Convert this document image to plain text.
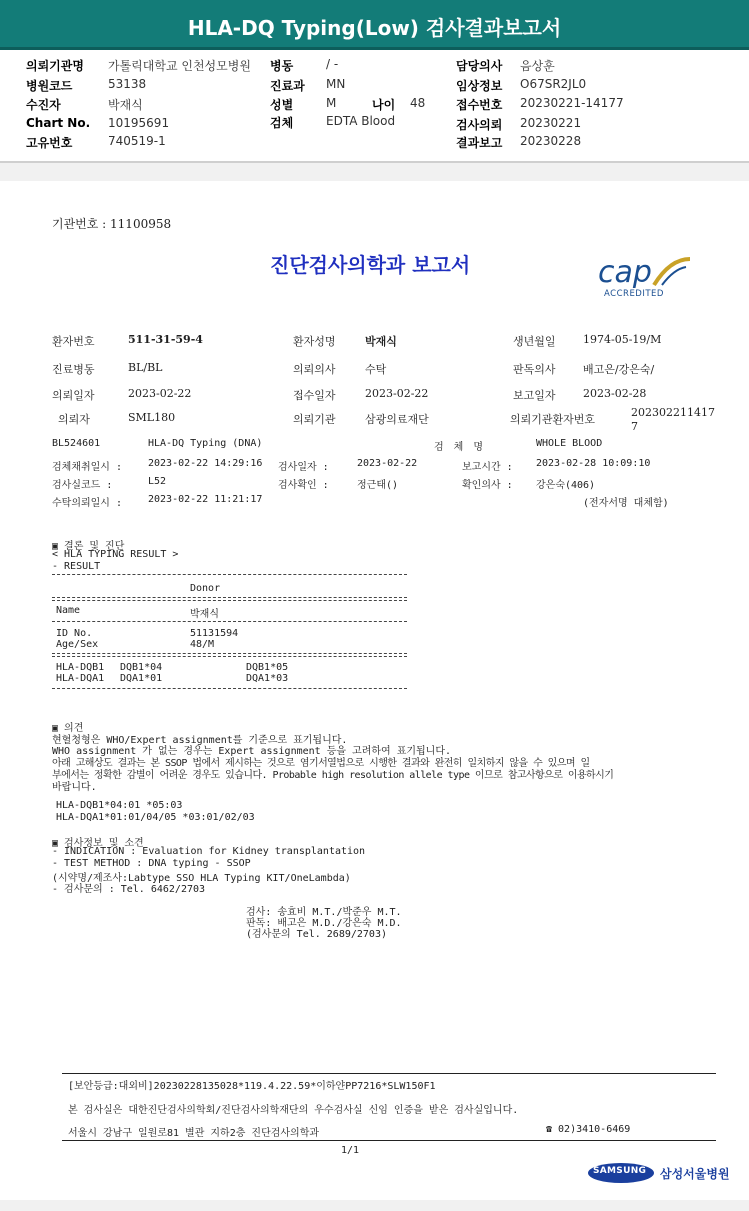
HLA-DQ Typing(Low) 검사결과보고서
의뢰기관명 가톨릭대학교 인천성모병원
병원코드	53138
수진자	박재식
Chart No. 10195691
고유번호	740519-1
병동	/ -
진료과 MN
성별	M	나이 48
검체	EDTA Blood
담당의사 음상훈
임상정보 O67SR2JL0
접수번호 20230221-14177
검사의뢰 20230221
결과보고 20230228
기관번호 : 11100958
진단검사의학과 보고서	cap
ACCREDITED
환자번호	511-31-59-4	환자성명	박재식	생년월일 1974-05-19/M
진료병동	BL/BL	의뢰의사	수탁	판독의사 배고은/강은숙/
의뢰일자	2023-02-22	접수일자	2023-02-22	보고일자 2023-02-28
의뢰자	SML180	의뢰기관	삼광의료재단	의뢰기관환자번호
202302211417
7
BL524601	HLA-DQ Typing (DNA)	검 체 명	WHOLE BLOOD
검체채취일시 :	2023-02-22 14:29:16 검사일자 :	2023-02-22	보고시간 : 2023-02-28 10:09:10
검사실코드 :	L52	검사확인 :	정근태()	확인의사 : 강은숙(406)
수탁의뢰일시 :	2023-02-22 11:21:17	(전자서명 대체함)
▣ 결론 및 진단
< HLA TYPING RESULT >
- RESULT
Donor
Name	박재식
ID No.	51131594
Age/Sex	48/M
HLA-DQB1 DQB1*04	DQB1*05
HLA-DQA1 DQA1*01	DQA1*03
▣ 의견
현혈청형은 WHO/Expert assignment를 기준으로 표기됩니다.
WHO assignment 가 없는 경우는 Expert assignment 등을 고려하여 표기됩니다.
아래 고해상도 결과는 본 SSOP 법에서 제시하는 것으로 염기서열법으로 시행한 결과와 완전히 일치하지 않을 수 있으며 일
부에서는 정확한 감별이 어려운 경우도 있습니다. Probable high resolution allele type 이므로 참고사항으로 이용하시기
바랍니다.
HLA-DQB1*04:01 *05:03
HLA-DQA1*01:01/04/05 *03:01/02/03
▣ 검사정보 및 소견
- INDICATION : Evaluation for Kidney transplantation
- TEST METHOD : DNA typing - SSOP
(시약명/제조사:Labtype SSO HLA Typing KIT/OneLambda)
- 검사문의 : Tel. 6462/2703
검사: 송효비 M.T./박준우 M.T.
판독: 배고은 M.D./강은숙 M.D.
(검사문의 Tel. 2689/2703)
[보안등급:대외비]20230228135028*119.4.22.59*이하얀PP7216*SLW150F1
본 검사실은 대한진단검사의학회/진단검사의학재단의 우수검사실 신임 인증을 받은 검사실입니다.
서울시 강남구 일원로81 별관 지하2층 진단검사의학과	☎ 02)3410-6469
1/1
SAMSUNG 삼성서울병원
